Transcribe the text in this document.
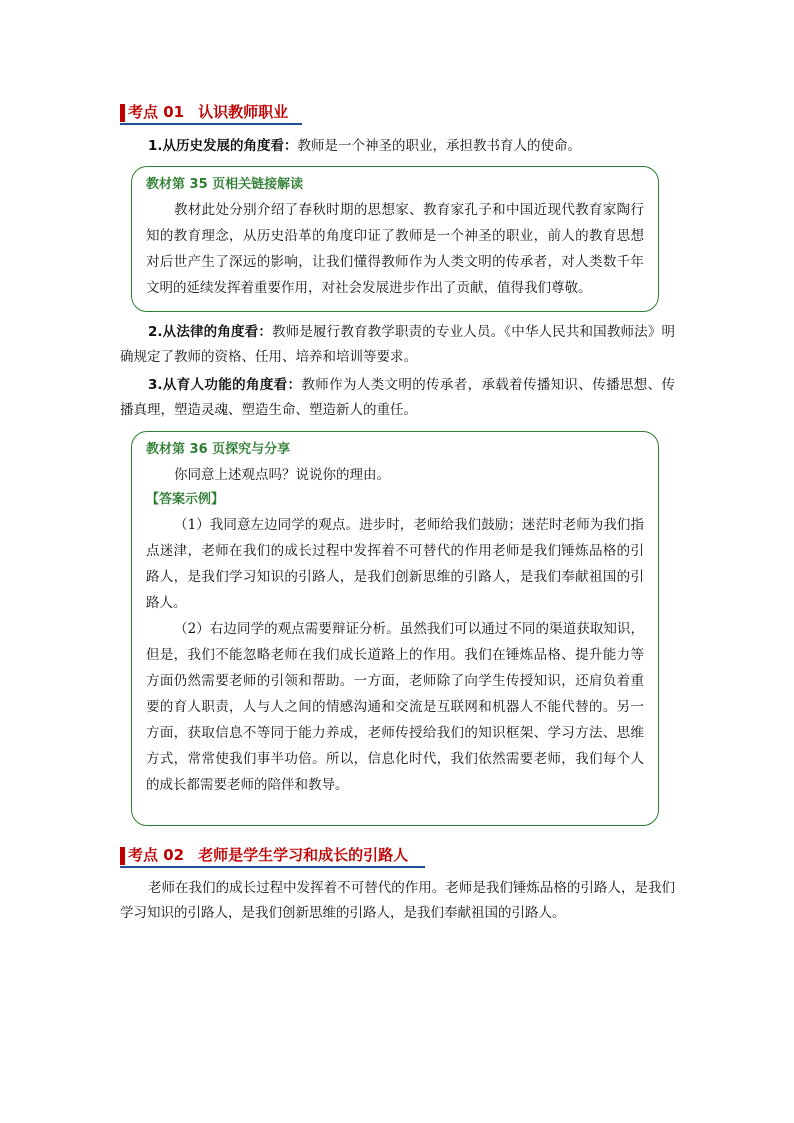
考点 01 认识教师职业
1.从历史发展的角度看：教师是一个神圣的职业，承担教书育人的使命。
教材第 35 页相关链接解读
教材此处分别介绍了春秋时期的思想家、教育家孔子和中国近现代教育家陶行知的教育理念，从历史沿革的角度印证了教师是一个神圣的职业，前人的教育思想对后世产生了深远的影响，让我们懂得教师作为人类文明的传承者，对人类数千年文明的延续发挥着重要作用，对社会发展进步作出了贡献，值得我们尊敬。
2.从法律的角度看：教师是履行教育教学职责的专业人员。《中华人民共和国教师法》明确规定了教师的资格、任用、培养和培训等要求。
3.从育人功能的角度看：教师作为人类文明的传承者，承载着传播知识、传播思想、传播真理，塑造灵魂、塑造生命、塑造新人的重任。
教材第 36 页探究与分享
你同意上述观点吗？说说你的理由。
【答案示例】
（1）我同意左边同学的观点。进步时，老师给我们鼓励；迷茫时老师为我们指点迷津，老师在我们的成长过程中发挥着不可替代的作用老师是我们锤炼品格的引路人，是我们学习知识的引路人，是我们创新思维的引路人，是我们奉献祖国的引路人。
（2）右边同学的观点需要辩证分析。虽然我们可以通过不同的渠道获取知识，但是，我们不能忽略老师在我们成长道路上的作用。我们在锤炼品格、提升能力等方面仍然需要老师的引领和帮助。一方面，老师除了向学生传授知识，还肩负着重要的育人职责，人与人之间的情感沟通和交流是互联网和机器人不能代替的。另一方面，获取信息不等同于能力养成，老师传授给我们的知识框架、学习方法、思维方式，常常使我们事半功倍。所以，信息化时代，我们依然需要老师，我们每个人的成长都需要老师的陪伴和教导。
考点 02 老师是学生学习和成长的引路人
老师在我们的成长过程中发挥着不可替代的作用。老师是我们锤炼品格的引路人，是我们学习知识的引路人，是我们创新思维的引路人，是我们奉献祖国的引路人。
